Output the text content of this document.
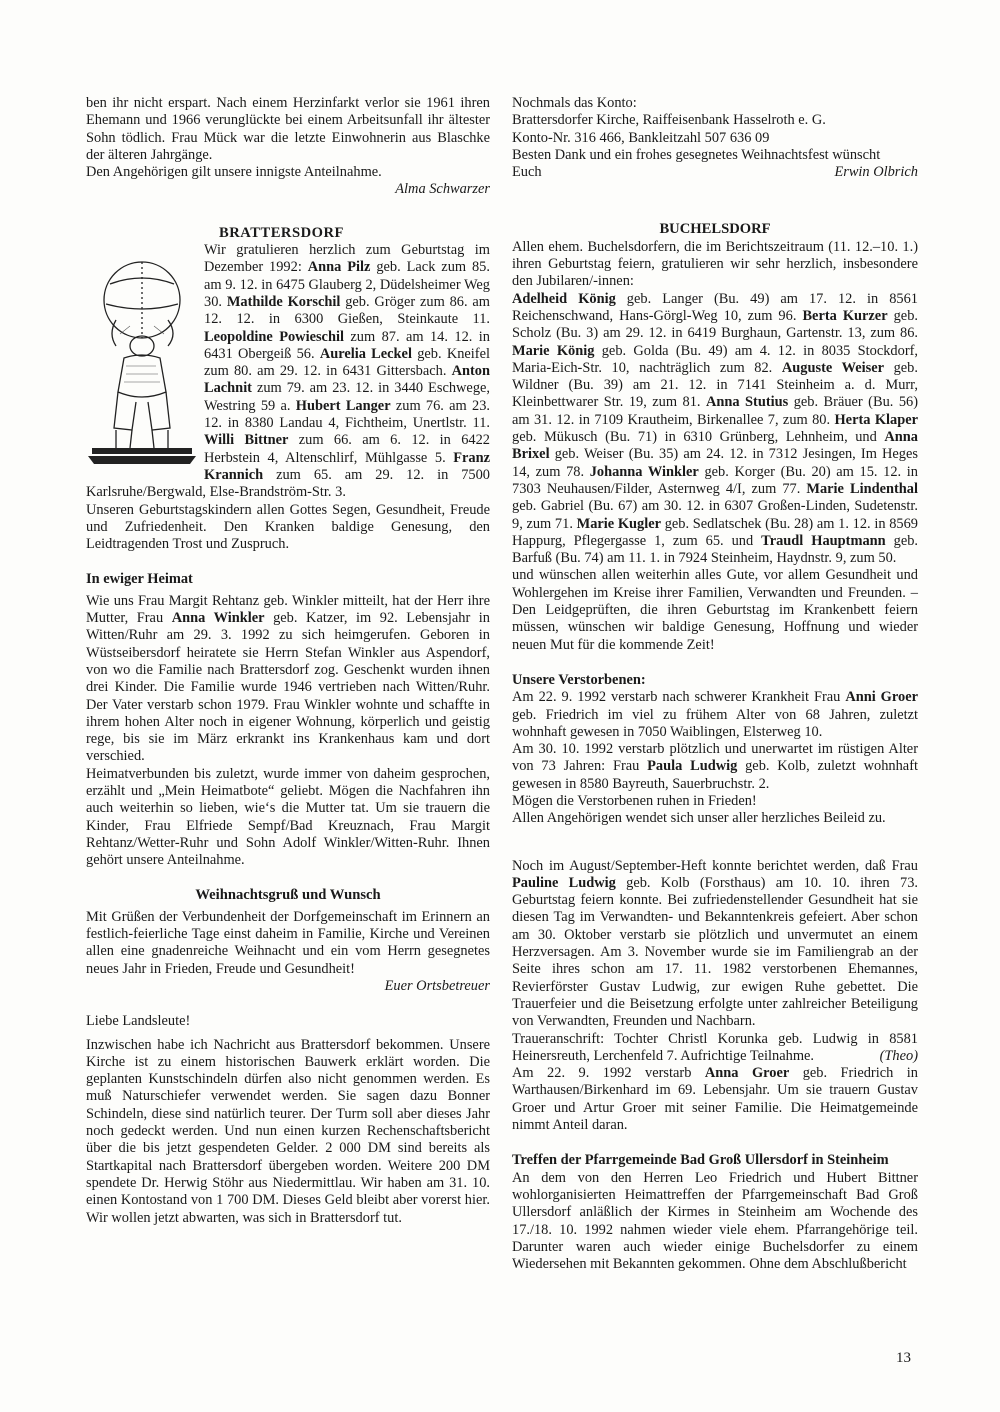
ben ihr nicht erspart. Nach einem Herzinfarkt verlor sie 1961 ihren Ehemann und 1966 verunglückte bei einem Arbeitsunfall ihr ältester Sohn tödlich. Frau Mück war die letzte Einwohnerin aus Blaschke der älteren Jahrgänge.

Den Angehörigen gilt unsere innigste Anteilnahme.

Alma Schwarzer

BRATTERSDORF

Wir gratulieren herzlich zum Geburtstag im Dezember 1992: Anna Pilz geb. Lack zum 85. am 9. 12. in 6475 Glauberg 2, Düdelsheimer Weg 30. Mathilde Korschil geb. Gröger zum 86. am 12. 12. in 6300 Gießen, Steinkaute 11. Leopoldine Powieschil zum 87. am 14. 12. in 6431 Obergeiß 56. Aurelia Leckel geb. Kneifel zum 80. am 29. 12. in 6431 Gittersbach. Anton Lachnit zum 79. am 23. 12. in 3440 Eschwege, Westring 59 a. Hubert Langer zum 76. am 23. 12. in 8380 Landau 4, Fichtheim, Unertlstr. 11. Willi Bittner zum 66. am 6. 12. in 6422 Herbstein 4, Altenschlirf, Mühlgasse 5. Franz Krannich zum 65. am 29. 12. in 7500 Karlsruhe/Bergwald, Else-Brandström-Str. 3.

Unseren Geburtstagskindern allen Gottes Segen, Gesundheit, Freude und Zufriedenheit. Den Kranken baldige Genesung, den Leidtragenden Trost und Zuspruch.

In ewiger Heimat

Wie uns Frau Margit Rehtanz geb. Winkler mitteilt, hat der Herr ihre Mutter, Frau Anna Winkler geb. Katzer, im 92. Lebensjahr in Witten/Ruhr am 29. 3. 1992 zu sich heimgerufen. Geboren in Wüstseibersdorf heiratete sie Herrn Stefan Winkler aus Aspendorf, von wo die Familie nach Brattersdorf zog. Geschenkt wurden ihnen drei Kinder. Die Familie wurde 1946 vertrieben nach Witten/Ruhr. Der Vater verstarb schon 1979. Frau Winkler wohnte und schaffte in ihrem hohen Alter noch in eigener Wohnung, körperlich und geistig rege, bis sie im März erkrankt ins Krankenhaus kam und dort verschied.

Heimatverbunden bis zuletzt, wurde immer von daheim gesprochen, erzählt und „Mein Heimatbote“ geliebt. Mögen die Nachfahren ihn auch weiterhin so lieben, wie‘s die Mutter tat. Um sie trauern die Kinder, Frau Elfriede Sempf/Bad Kreuznach, Frau Margit Rehtanz/Wetter-Ruhr und Sohn Adolf Winkler/Witten-Ruhr. Ihnen gehört unsere Anteilnahme.

Weihnachtsgruß und Wunsch

Mit Grüßen der Verbundenheit der Dorfgemeinschaft im Erinnern an festlich-feierliche Tage einst daheim in Familie, Kirche und Vereinen allen eine gnadenreiche Weihnacht und ein vom Herrn gesegnetes neues Jahr in Frieden, Freude und Gesundheit!

Euer Ortsbetreuer

Liebe Landsleute!

Inzwischen habe ich Nachricht aus Brattersdorf bekommen. Unsere Kirche ist zu einem historischen Bauwerk erklärt worden. Die geplanten Kunstschindeln dürfen also nicht genommen werden. Es muß Naturschiefer verwendet werden. Sie sagen dazu Bonner Schindeln, diese sind natürlich teurer. Der Turm soll aber dieses Jahr noch gedeckt werden. Und nun einen kurzen Rechenschaftsbericht über die bis jetzt gespendeten Gelder. 2 000 DM sind bereits als Startkapital nach Brattersdorf übergeben worden. Weitere 200 DM spendete Dr. Herwig Stöhr aus Niedermittlau. Wir haben am 31. 10. einen Kontostand von 1 700 DM. Dieses Geld bleibt aber vorerst hier. Wir wollen jetzt abwarten, was sich in Brattersdorf tut.

Nochmals das Konto:

Brattersdorfer Kirche, Raiffeisenbank Hasselroth e. G.

Konto-Nr. 316 466, Bankleitzahl 507 636 09

Besten Dank und ein frohes gesegnetes Weihnachtsfest wünscht

Euch	Erwin Olbrich

BUCHELSDORF

Allen ehem. Buchelsdorfern, die im Berichtszeitraum (11. 12.–10. 1.) ihren Geburtstag feiern, gratulieren wir sehr herzlich, insbesondere den Jubilaren/-innen:

Adelheid König geb. Langer (Bu. 49) am 17. 12. in 8561 Reichenschwand, Hans-Görgl-Weg 10, zum 96. Berta Kurzer geb. Scholz (Bu. 3) am 29. 12. in 6419 Burghaun, Gartenstr. 13, zum 86. Marie König geb. Golda (Bu. 49) am 4. 12. in 8035 Stockdorf, Maria-Eich-Str. 10, nachträglich zum 82. Auguste Weiser geb. Wildner (Bu. 39) am 21. 12. in 7141 Steinheim a. d. Murr, Kleinbettwarer Str. 19, zum 81. Anna Stutius geb. Bräuer (Bu. 56) am 31. 12. in 7109 Krautheim, Birkenallee 7, zum 80. Herta Klaper geb. Mükusch (Bu. 71) in 6310 Grünberg, Lehnheim, und Anna Brixel geb. Weiser (Bu. 35) am 24. 12. in 7312 Jesingen, Im Heges 14, zum 78. Johanna Winkler geb. Korger (Bu. 20) am 15. 12. in 7303 Neuhausen/Filder, Asternweg 4/I, zum 77. Marie Lindenthal geb. Gabriel (Bu. 67) am 30. 12. in 6307 Großen-Linden, Sudetenstr. 9, zum 71. Marie Kugler geb. Sedlatschek (Bu. 28) am 1. 12. in 8569 Happurg, Pflegergasse 1, zum 65. und Traudl Hauptmann geb. Barfuß (Bu. 74) am 11. 1. in 7924 Steinheim, Haydnstr. 9, zum 50.

und wünschen allen weiterhin alles Gute, vor allem Gesundheit und Wohlergehen im Kreise ihrer Familien, Verwandten und Freunden. – Den Leidgeprüften, die ihren Geburtstag im Krankenbett feiern müssen, wünschen wir baldige Genesung, Hoffnung und wieder neuen Mut für die kommende Zeit!

Unsere Verstorbenen:

Am 22. 9. 1992 verstarb nach schwerer Krankheit Frau Anni Groer geb. Friedrich im viel zu frühem Alter von 68 Jahren, zuletzt wohnhaft gewesen in 7050 Waiblingen, Elsterweg 10.

Am 30. 10. 1992 verstarb plötzlich und unerwartet im rüstigen Alter von 73 Jahren: Frau Paula Ludwig geb. Kolb, zuletzt wohnhaft gewesen in 8580 Bayreuth, Sauerbruchstr. 2.

Mögen die Verstorbenen ruhen in Frieden!

Allen Angehörigen wendet sich unser aller herzliches Beileid zu.

Noch im August/September-Heft konnte berichtet werden, daß Frau Pauline Ludwig geb. Kolb (Forsthaus) am 10. 10. ihren 73. Geburtstag feiern konnte. Bei zufriedenstellender Gesundheit hat sie diesen Tag im Verwandten- und Bekanntenkreis gefeiert. Aber schon am 30. Oktober verstarb sie plötzlich und unvermutet an einem Herzversagen. Am 3. November wurde sie im Familiengrab an der Seite ihres schon am 17. 11. 1982 verstorbenen Ehemannes, Revierförster Gustav Ludwig, zur ewigen Ruhe gebettet. Die Trauerfeier und die Beisetzung erfolgte unter zahlreicher Beteiligung von Verwandten, Freunden und Nachbarn.

Traueranschrift: Tochter Christl Korunka geb. Ludwig in 8581 Heinersreuth, Lerchenfeld 7. Aufrichtige Teilnahme.	(Theo)

Am 22. 9. 1992 verstarb Anna Groer geb. Friedrich in Warthausen/Birkenhard im 69. Lebensjahr. Um sie trauern Gustav Groer und Artur Groer mit seiner Familie. Die Heimatgemeinde nimmt Anteil daran.

Treffen der Pfarrgemeinde Bad Groß Ullersdorf in Steinheim

An dem von den Herren Leo Friedrich und Hubert Bittner wohlorganisierten Heimattreffen der Pfarrgemeinschaft Bad Groß Ullersdorf anläßlich der Kirmes in Steinheim am Wochende des 17./18. 10. 1992 nahmen wieder viele ehem. Pfarrangehörige teil. Darunter waren auch wieder einige Buchelsdorfer zu einem Wiedersehen mit Bekannten gekommen. Ohne dem Abschlußbericht

13
